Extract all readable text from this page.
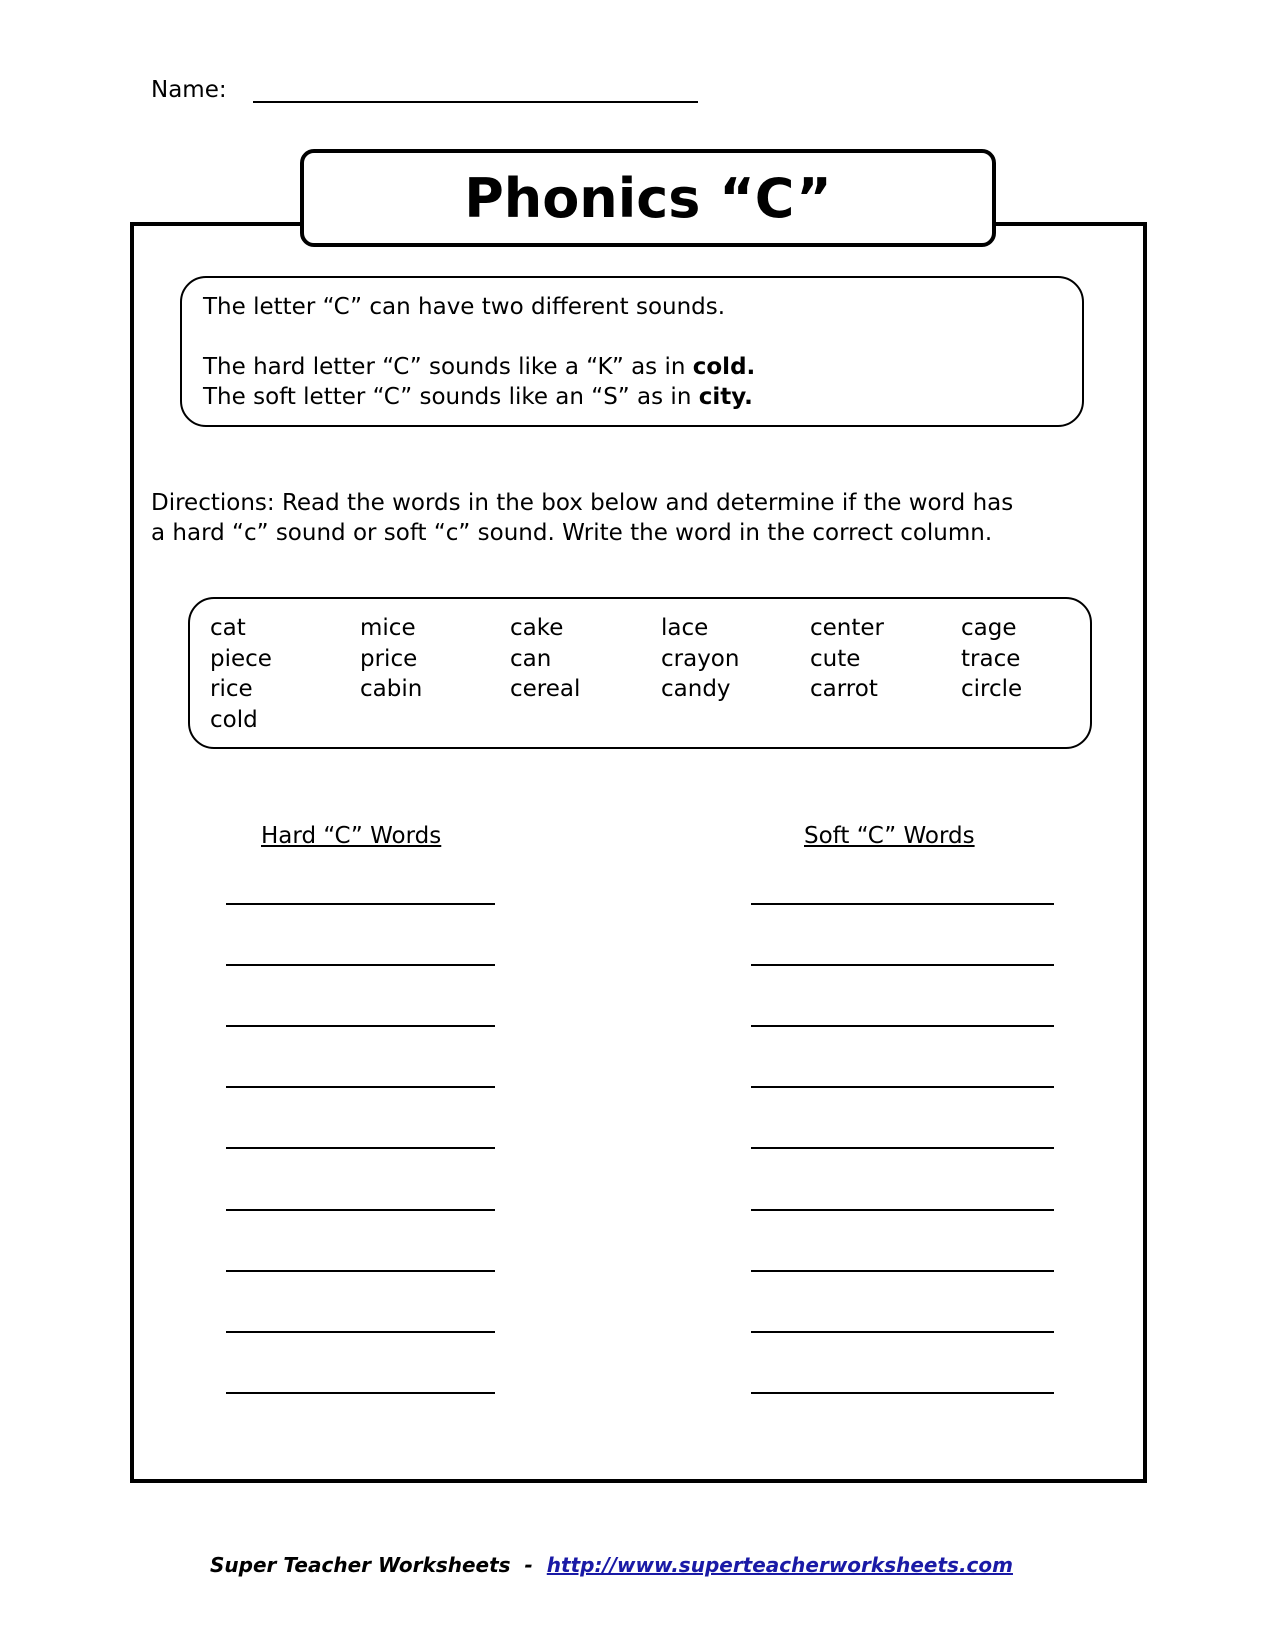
Name:
Phonics “C”
The letter “C” can have two different sounds.
The hard letter “C” sounds like a “K” as in cold.
The soft letter “C” sounds like an “S” as in city.
Directions: Read the words in the box below and determine if the word has
a hard “c” sound or soft “c” sound. Write the word in the correct column.
cat
piece
rice
cold
mice
price
cabin
cake
can
cereal
lace
crayon
candy
center
cute
carrot
cage
trace
circle
Hard “C” Words	Soft “C” Words
Super Teacher Worksheets - http://www.superteacherworksheets.com
